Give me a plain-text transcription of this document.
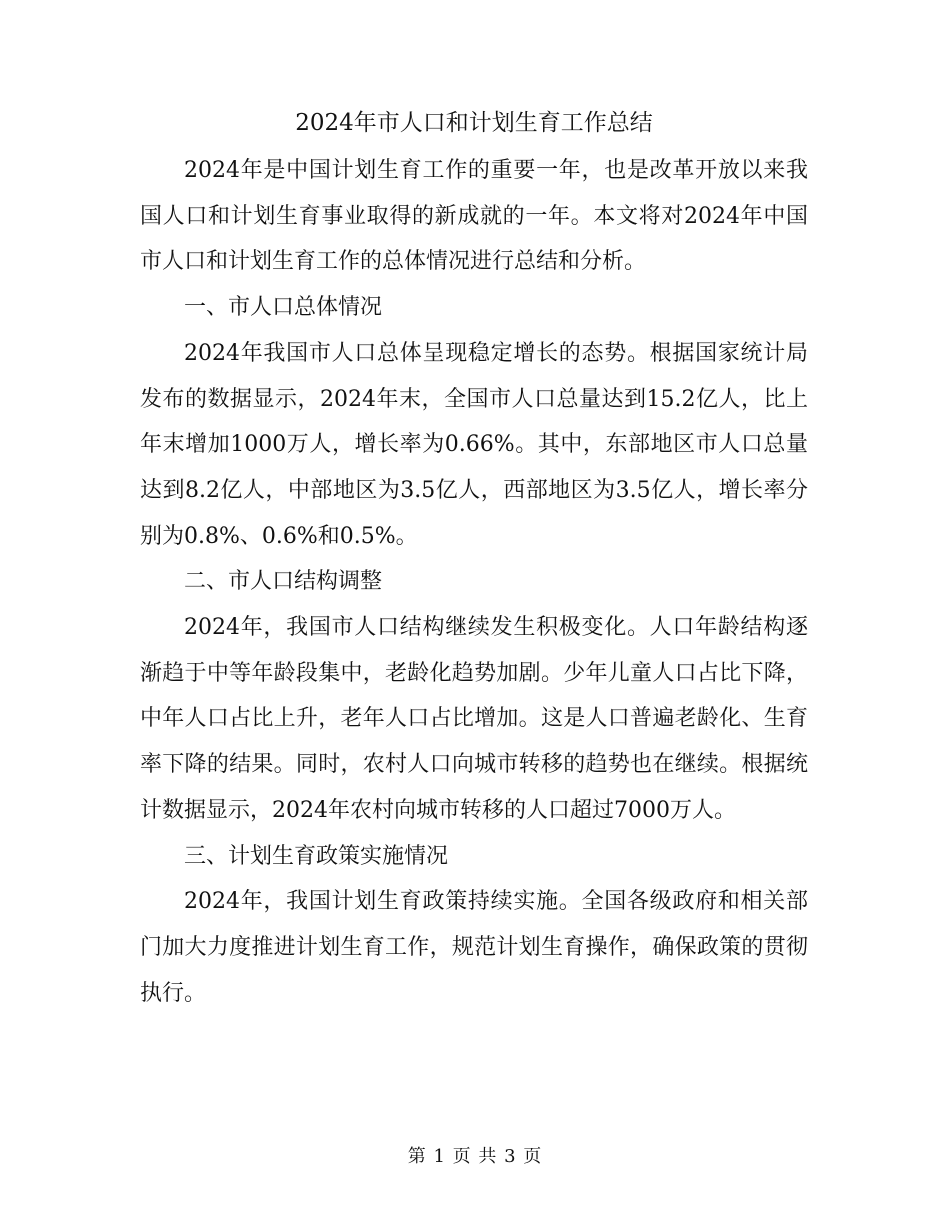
2024年市人口和计划生育工作总结

2024年是中国计划生育工作的重要一年，也是改革开放以来我国人口和计划生育事业取得的新成就的一年。本文将对2024年中国市人口和计划生育工作的总体情况进行总结和分析。

一、市人口总体情况

2024年我国市人口总体呈现稳定增长的态势。根据国家统计局发布的数据显示，2024年末，全国市人口总量达到15.2亿人，比上年末增加1000万人，增长率为0.66%。其中，东部地区市人口总量达到8.2亿人，中部地区为3.5亿人，西部地区为3.5亿人，增长率分别为0.8%、0.6%和0.5%。

二、市人口结构调整

2024年，我国市人口结构继续发生积极变化。人口年龄结构逐渐趋于中等年龄段集中，老龄化趋势加剧。少年儿童人口占比下降，中年人口占比上升，老年人口占比增加。这是人口普遍老龄化、生育率下降的结果。同时，农村人口向城市转移的趋势也在继续。根据统计数据显示，2024年农村向城市转移的人口超过7000万人。

三、计划生育政策实施情况

2024年，我国计划生育政策持续实施。全国各级政府和相关部门加大力度推进计划生育工作，规范计划生育操作，确保政策的贯彻执行。

第 1 页 共 3 页
